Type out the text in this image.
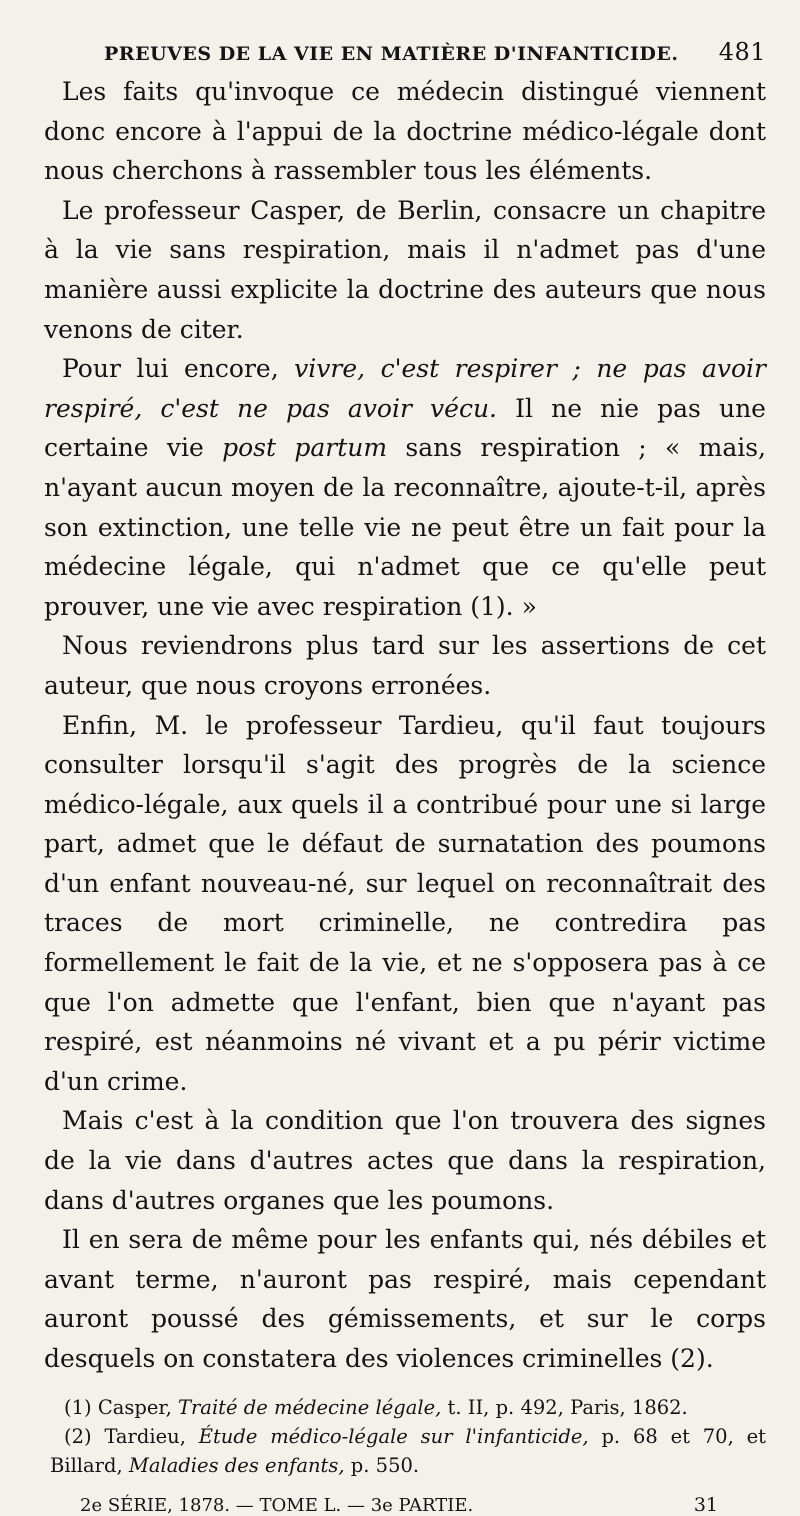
PREUVES DE LA VIE EN MATIÈRE D'INFANTICIDE. 481

Les faits qu'invoque ce médecin distingué viennent donc encore à l'appui de la doctrine médico-légale dont nous cherchons à rassembler tous les éléments.

Le professeur Casper, de Berlin, consacre un chapitre à la vie sans respiration, mais il n'admet pas d'une manière aussi explicite la doctrine des auteurs que nous venons de citer.

Pour lui encore, vivre, c'est respirer ; ne pas avoir respiré, c'est ne pas avoir vécu. Il ne nie pas une certaine vie post partum sans respiration ; « mais, n'ayant aucun moyen de la reconnaître, ajoute-t-il, après son extinction, une telle vie ne peut être un fait pour la médecine légale, qui n'admet que ce qu'elle peut prouver, une vie avec respiration (1). »

Nous reviendrons plus tard sur les assertions de cet auteur, que nous croyons erronées.

Enfin, M. le professeur Tardieu, qu'il faut toujours consulter lorsqu'il s'agit des progrès de la science médico-légale, aux quels il a contribué pour une si large part, admet que le défaut de surnatation des poumons d'un enfant nouveau-né, sur lequel on reconnaîtrait des traces de mort criminelle, ne contredira pas formellement le fait de la vie, et ne s'opposera pas à ce que l'on admette que l'enfant, bien que n'ayant pas respiré, est néanmoins né vivant et a pu périr victime d'un crime.

Mais c'est à la condition que l'on trouvera des signes de la vie dans d'autres actes que dans la respiration, dans d'autres organes que les poumons.

Il en sera de même pour les enfants qui, nés débiles et avant terme, n'auront pas respiré, mais cependant auront poussé des gémissements, et sur le corps desquels on constatera des violences criminelles (2).

(1) Casper, Traité de médecine légale, t. II, p. 492, Paris, 1862.

(2) Tardieu, Étude médico-légale sur l'infanticide, p. 68 et 70, et Billard, Maladies des enfants, p. 550.

2e SÉRIE, 1878. — TOME L. — 3e PARTIE.	31
